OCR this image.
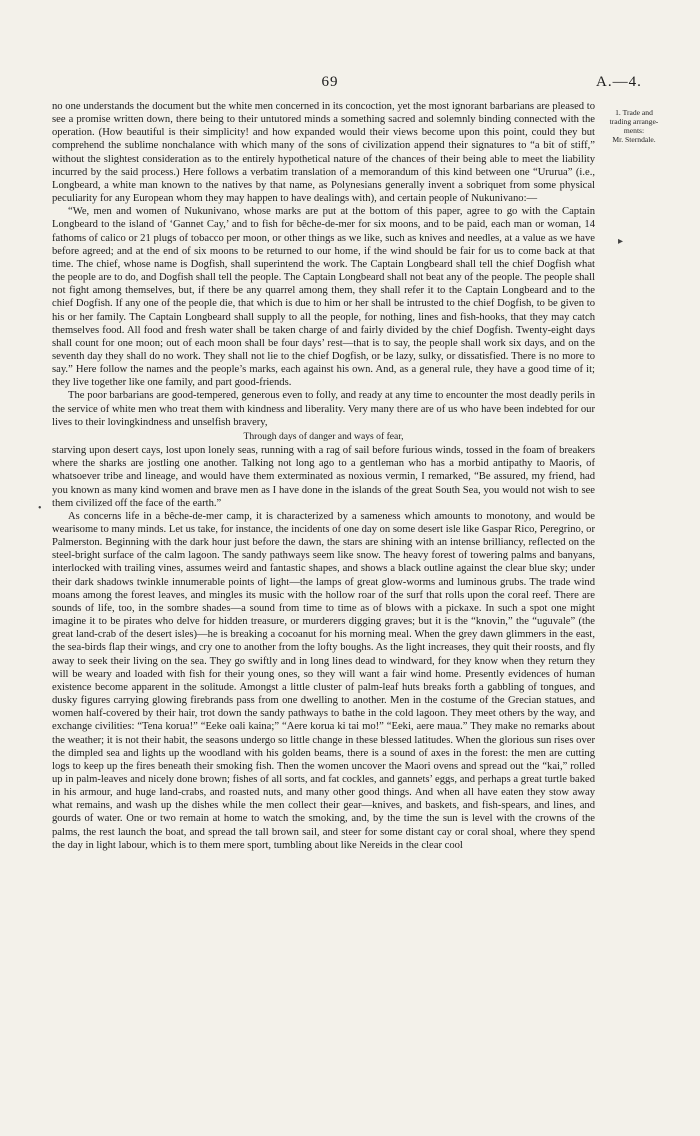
69	A.—4.
1. Trade and
trading arrange-
ments:
Mr. Sterndale.
▸
•

no one understands the document but the white men concerned in its concoction, yet the most ignorant barbarians are pleased to see a promise written down, there being to their untutored minds a something sacred and solemnly binding connected with the operation. (How beautiful is their simplicity! and how expanded would their views become upon this point, could they but comprehend the sublime nonchalance with which many of the sons of civilization append their signatures to “a bit of stiff,” without the slightest consideration as to the entirely hypothetical nature of the chances of their being able to meet the liability incurred by the said process.) Here follows a verbatim translation of a memorandum of this kind between one “Ururua” (i.e., Longbeard, a white man known to the natives by that name, as Polynesians generally invent a sobriquet from some physical peculiarity for any European whom they may happen to have dealings with), and certain people of Nukunivano:—

“We, men and women of Nukunivano, whose marks are put at the bottom of this paper, agree to go with the Captain Longbeard to the island of ‘Gannet Cay,’ and to fish for bêche-de-mer for six moons, and to be paid, each man or woman, 14 fathoms of calico or 21 plugs of tobacco per moon, or other things as we like, such as knives and needles, at a value as we have before agreed; and at the end of six moons to be returned to our home, if the wind should be fair for us to come back at that time. The chief, whose name is Dogfish, shall superintend the work. The Captain Longbeard shall tell the chief Dogfish what the people are to do, and Dogfish shall tell the people. The Captain Longbeard shall not beat any of the people. The people shall not fight among themselves, but, if there be any quarrel among them, they shall refer it to the Captain Longbeard and to the chief Dogfish. If any one of the people die, that which is due to him or her shall be intrusted to the chief Dogfish, to be given to his or her family. The Captain Longbeard shall supply to all the people, for nothing, lines and fish-hooks, that they may catch themselves food. All food and fresh water shall be taken charge of and fairly divided by the chief Dogfish. Twenty-eight days shall count for one moon; out of each moon shall be four days’ rest—that is to say, the people shall work six days, and on the seventh day they shall do no work. They shall not lie to the chief Dogfish, or be lazy, sulky, or dissatisfied. There is no more to say.” Here follow the names and the people’s marks, each against his own. And, as a general rule, they have a good time of it; they live together like one family, and part good-friends.

The poor barbarians are good-tempered, generous even to folly, and ready at any time to encounter the most deadly perils in the service of white men who treat them with kindness and liberality. Very many there are of us who have been indebted for our lives to their lovingkindness and unselfish bravery,

Through days of danger and ways of fear,

starving upon desert cays, lost upon lonely seas, running with a rag of sail before furious winds, tossed in the foam of breakers where the sharks are jostling one another. Talking not long ago to a gentleman who has a morbid antipathy to Maoris, of whatsoever tribe and lineage, and would have them exterminated as noxious vermin, I remarked, “Be assured, my friend, had you known as many kind women and brave men as I have done in the islands of the great South Sea, you would not wish to see them civilized off the face of the earth.”

As concerns life in a bêche-de-mer camp, it is characterized by a sameness which amounts to monotony, and would be wearisome to many minds. Let us take, for instance, the incidents of one day on some desert isle like Gaspar Rico, Peregrino, or Palmerston. Beginning with the dark hour just before the dawn, the stars are shining with an intense brilliancy, reflected on the steel-bright surface of the calm lagoon. The sandy pathways seem like snow. The heavy forest of towering palms and banyans, interlocked with trailing vines, assumes weird and fantastic shapes, and shows a black outline against the clear blue sky; under their dark shadows twinkle innumerable points of light—the lamps of great glow-worms and luminous grubs. The trade wind moans among the forest leaves, and mingles its music with the hollow roar of the surf that rolls upon the coral reef. There are sounds of life, too, in the sombre shades—a sound from time to time as of blows with a pickaxe. In such a spot one might imagine it to be pirates who delve for hidden treasure, or murderers digging graves; but it is the “knovin,” the “uguvale” (the great land-crab of the desert isles)—he is breaking a cocoanut for his morning meal. When the grey dawn glimmers in the east, the sea-birds flap their wings, and cry one to another from the lofty boughs. As the light increases, they quit their roosts, and fly away to seek their living on the sea. They go swiftly and in long lines dead to windward, for they know when they return they will be weary and loaded with fish for their young ones, so they will want a fair wind home. Presently evidences of human existence become apparent in the solitude. Amongst a little cluster of palm-leaf huts breaks forth a gabbling of tongues, and dusky figures carrying glowing firebrands pass from one dwelling to another. Men in the costume of the Grecian statues, and women half-covered by their hair, trot down the sandy pathways to bathe in the cold lagoon. They meet others by the way, and exchange civilities: “Tena korua!” “Eeke oali kaina;” “Aere korua ki tai mo!” “Eeki, aere maua.” They make no remarks about the weather; it is not their habit, the seasons undergo so little change in these blessed latitudes. When the glorious sun rises over the dimpled sea and lights up the woodland with his golden beams, there is a sound of axes in the forest: the men are cutting logs to keep up the fires beneath their smoking fish. Then the women uncover the Maori ovens and spread out the “kai,” rolled up in palm-leaves and nicely done brown; fishes of all sorts, and fat cockles, and gannets’ eggs, and perhaps a great turtle baked in his armour, and huge land-crabs, and roasted nuts, and many other good things. And when all have eaten they stow away what remains, and wash up the dishes while the men collect their gear—knives, and baskets, and fish-spears, and lines, and gourds of water. One or two remain at home to watch the smoking, and, by the time the sun is level with the crowns of the palms, the rest launch the boat, and spread the tall brown sail, and steer for some distant cay or coral shoal, where they spend the day in light labour, which is to them mere sport, tumbling about like Nereids in the clear cool
